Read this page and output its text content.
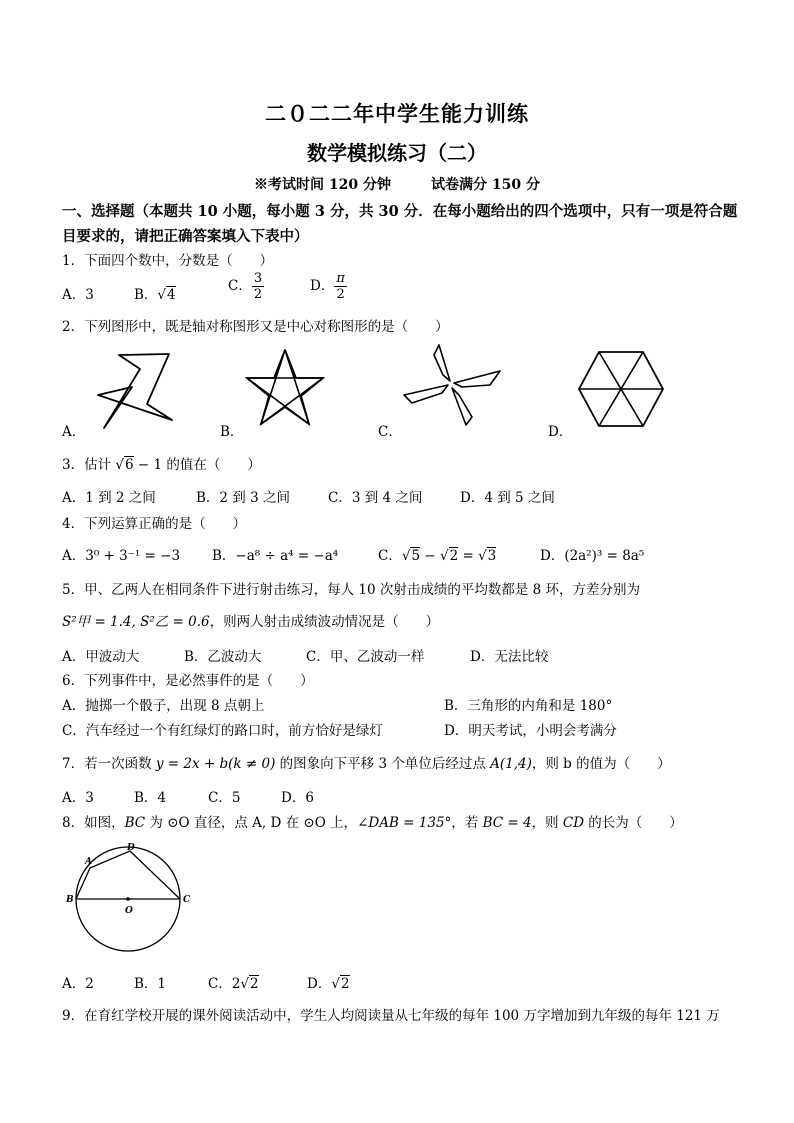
二０二二年中学生能力训练
数学模拟练习（二）
※考试时间 120 分钟	试卷满分 150 分
一、选择题（本题共 10 小题，每小题 3 分，共 30 分．在每小题给出的四个选项中，只有一项是符合题目要求的，请把正确答案填入下表中）
1．下面四个数中，分数是（　　）
A．3	B．√4
C． $\frac{3}{2}$	D． $\frac{\pi}{2}$
2．下列图形中，既是轴对称图形又是中心对称图形的是（　　）
A．	B．	C．	D．
3．估计 √6 − 1 的值在（　　）
A．1 到 2 之间	B．2 到 3 之间	C．3 到 4 之间	D．4 到 5 之间
4．下列运算正确的是（　　）
A．3⁰ + 3⁻¹ = −3 B．−a⁸ ÷ a⁴ = −a⁴	C．√5 − √2 = √3	D．(2a²)³ = 8a⁵
5．甲、乙两人在相同条件下进行射击练习，每人 10 次射击成绩的平均数都是 8 环，方差分别为
S²甲 = 1.4, S²乙 = 0.6，则两人射击成绩波动情况是（　　）
A．甲波动大	B．乙波动大	C．甲、乙波动一样	D．无法比较
6．下列事件中，是必然事件的是（　　）
A．抛掷一个骰子，出现 8 点朝上	B．三角形的内角和是 180°
C．汽车经过一个有红绿灯的路口时，前方恰好是绿灯	D．明天考试，小明会考满分
7．若一次函数 y = 2x + b(k ≠ 0) 的图象向下平移 3 个单位后经过点 A(1,4)，则 b 的值为（　　）
A．3	B．4	C．5	D．6
8．如图，BC 为 ⊙O 直径，点 A, D 在 ⊙O 上，∠DAB = 135°，若 BC = 4，则 CD 的长为（　　）
A
D
B
O
C
A．2	B．1	C．2√2	D．√2
9．在育红学校开展的课外阅读活动中，学生人均阅读量从七年级的每年 100 万字增加到九年级的每年 121 万
